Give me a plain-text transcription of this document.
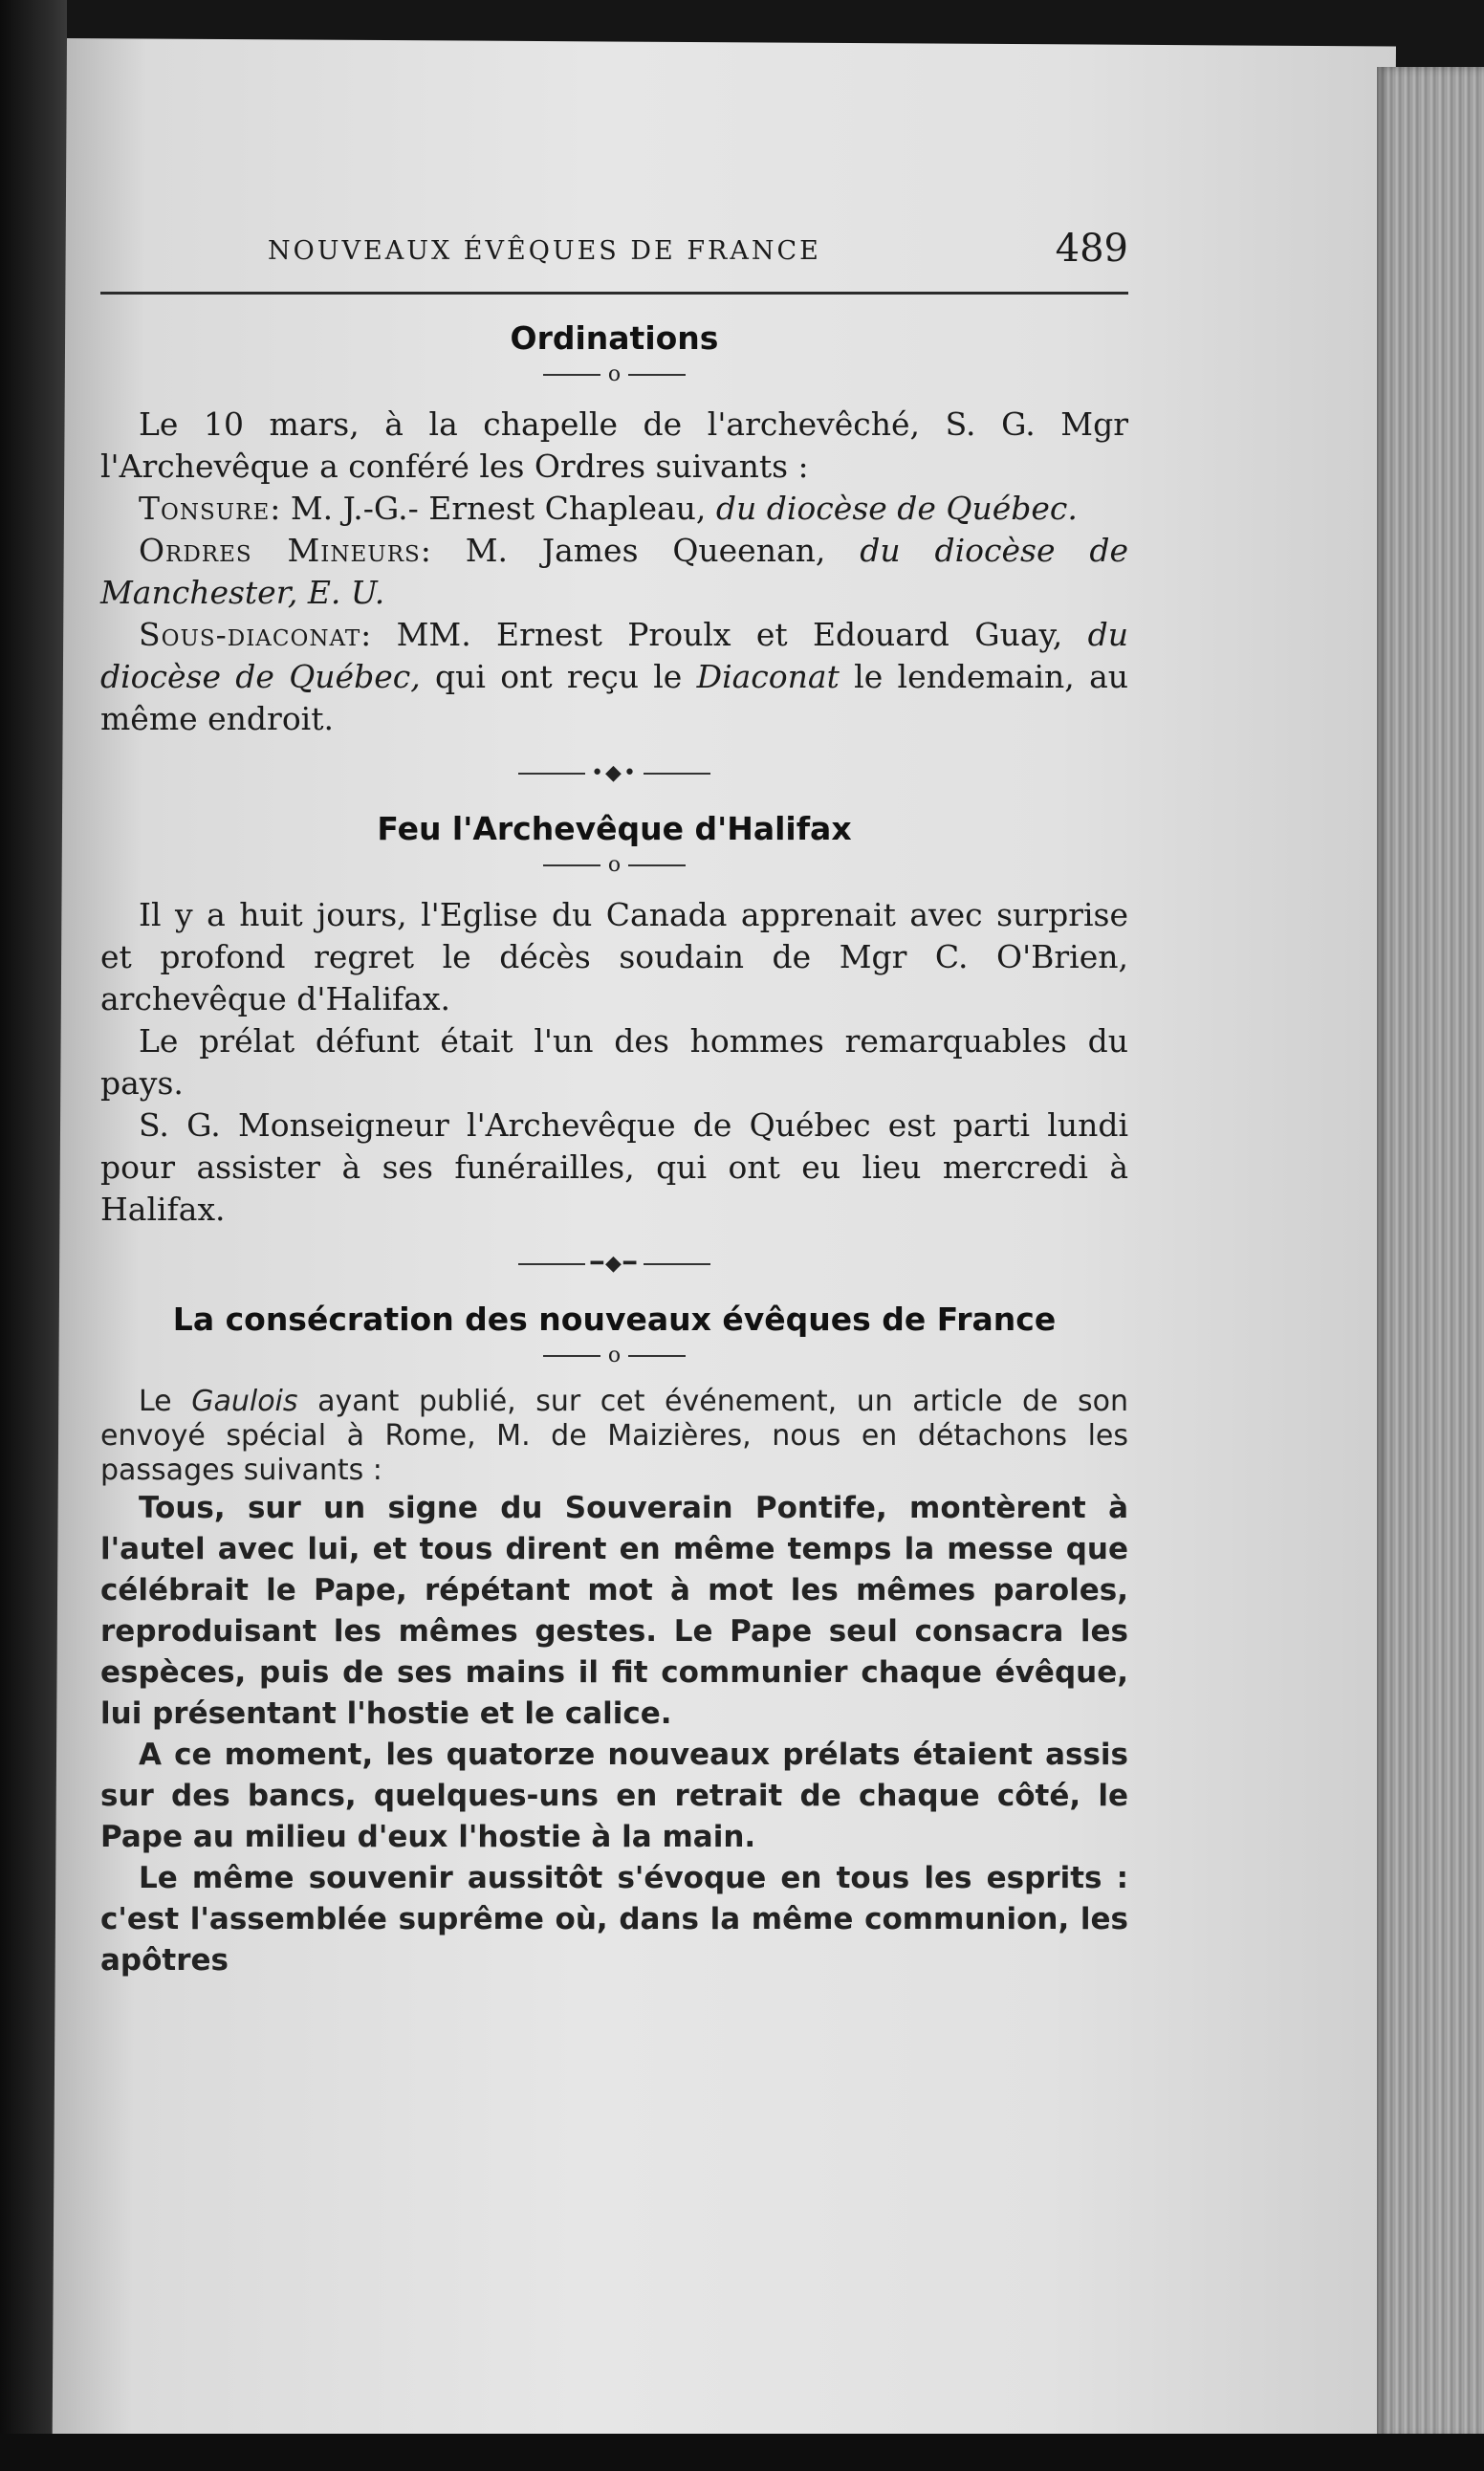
NOUVEAUX ÉVÊQUES DE FRANCE	489
Ordinations
o

Le 10 mars, à la chapelle de l'archevêché, S. G. Mgr l'Archevêque a conféré les Ordres suivants :

Tonsure: M. J.-G.- Ernest Chapleau, du diocèse de Québec.

Ordres Mineurs: M. James Queenan, du diocèse de Manchester, E. U.

Sous-diaconat: MM. Ernest Proulx et Edouard Guay, du diocèse de Québec, qui ont reçu le Diaconat le lendemain, au même endroit.

•◆•
Feu l'Archevêque d'Halifax
o

Il y a huit jours, l'Eglise du Canada apprenait avec surprise et profond regret le décès soudain de Mgr C. O'Brien, archevêque d'Halifax.

Le prélat défunt était l'un des hommes remarquables du pays.

S. G. Monseigneur l'Archevêque de Québec est parti lundi pour assister à ses funérailles, qui ont eu lieu mercredi à Halifax.

━◆━
La consécration des nouveaux évêques de France
o

Le Gaulois ayant publié, sur cet événement, un article de son envoyé spécial à Rome, M. de Maizières, nous en détachons les passages suivants :

Tous, sur un signe du Souverain Pontife, montèrent à l'autel avec lui, et tous dirent en même temps la messe que célébrait le Pape, répétant mot à mot les mêmes paroles, reproduisant les mêmes gestes. Le Pape seul consacra les espèces, puis de ses mains il fit communier chaque évêque, lui présentant l'hostie et le calice.

A ce moment, les quatorze nouveaux prélats étaient assis sur des bancs, quelques-uns en retrait de chaque côté, le Pape au milieu d'eux l'hostie à la main.

Le même souvenir aussitôt s'évoque en tous les esprits : c'est l'assemblée suprême où, dans la même communion, les apôtres
